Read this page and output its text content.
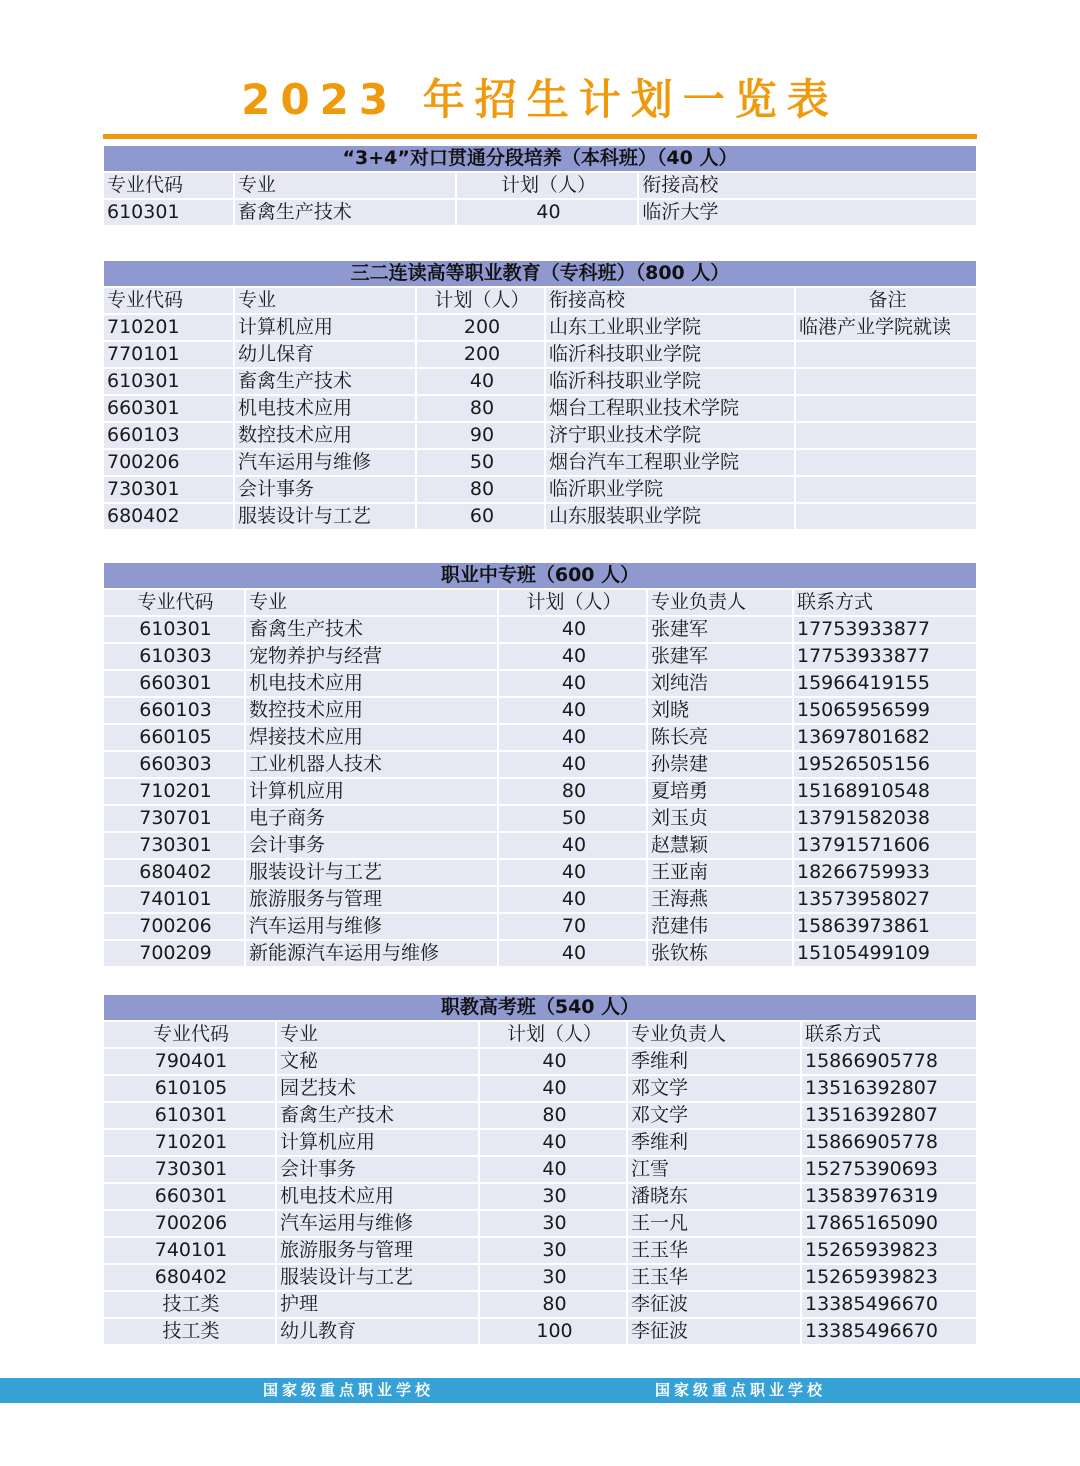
2023 年招生计划一览表
“3+4”对口贯通分段培养（本科班）（40 人）
专业代码	专业	计划（人）	衔接高校
610301	畜禽生产技术	40	临沂大学
三二连读高等职业教育（专科班）（800 人）
专业代码	专业	计划（人）	衔接高校	备注
710201	计算机应用	200	山东工业职业学院	临港产业学院就读
770101	幼儿保育	200	临沂科技职业学院
610301	畜禽生产技术	40	临沂科技职业学院
660301	机电技术应用	80	烟台工程职业技术学院
660103	数控技术应用	90	济宁职业技术学院
700206	汽车运用与维修	50	烟台汽车工程职业学院
730301	会计事务	80	临沂职业学院
680402	服装设计与工艺	60	山东服装职业学院
职业中专班（600 人）
专业代码	专业	计划（人）	专业负责人	联系方式
610301	畜禽生产技术	40	张建军	17753933877
610303	宠物养护与经营	40	张建军	17753933877
660301	机电技术应用	40	刘纯浩	15966419155
660103	数控技术应用	40	刘晓	15065956599
660105	焊接技术应用	40	陈长亮	13697801682
660303	工业机器人技术	40	孙崇建	19526505156
710201	计算机应用	80	夏培勇	15168910548
730701	电子商务	50	刘玉贞	13791582038
730301	会计事务	40	赵慧颖	13791571606
680402	服装设计与工艺	40	王亚南	18266759933
740101	旅游服务与管理	40	王海燕	13573958027
700206	汽车运用与维修	70	范建伟	15863973861
700209	新能源汽车运用与维修	40	张钦栋	15105499109
职教高考班（540 人）
专业代码	专业	计划（人）	专业负责人	联系方式
790401	文秘	40	季维利	15866905778
610105	园艺技术	40	邓文学	13516392807
610301	畜禽生产技术	80	邓文学	13516392807
710201	计算机应用	40	季维利	15866905778
730301	会计事务	40	江雪	15275390693
660301	机电技术应用	30	潘晓东	13583976319
700206	汽车运用与维修	30	王一凡	17865165090
740101	旅游服务与管理	30	王玉华	15265939823
680402	服装设计与工艺	30	王玉华	15265939823
技工类	护理	80	李征波	13385496670
技工类	幼儿教育	100	李征波	13385496670
国家级重点职业学校	国家级重点职业学校
